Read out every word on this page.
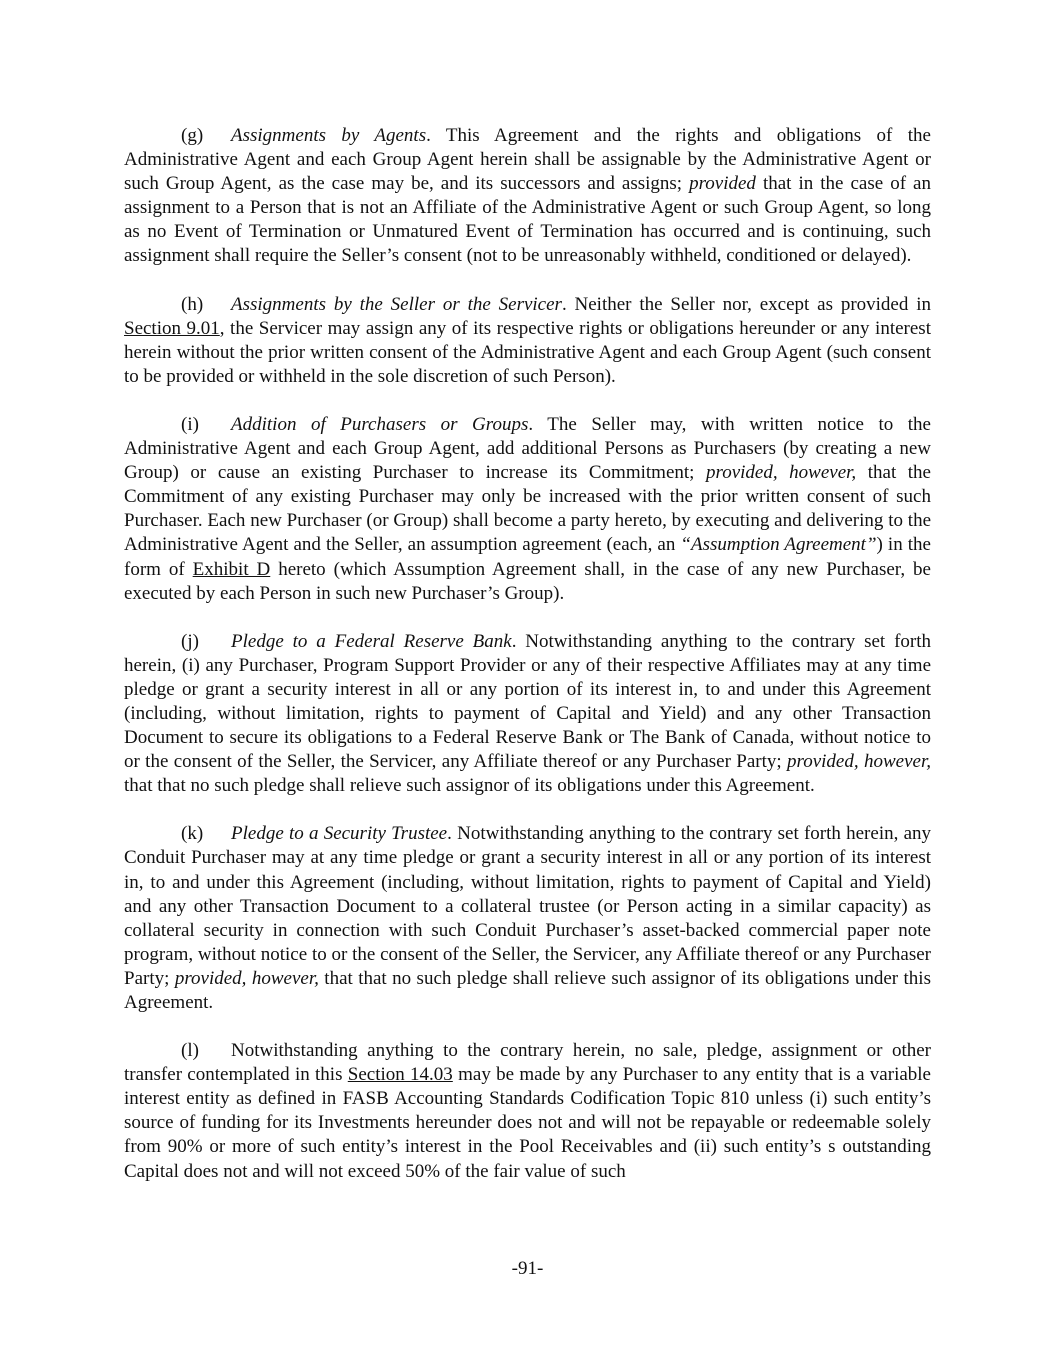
(g) Assignments by Agents. This Agreement and the rights and obligations of the Administrative Agent and each Group Agent herein shall be assignable by the Administrative Agent or such Group Agent, as the case may be, and its successors and assigns; provided that in the case of an assignment to a Person that is not an Affiliate of the Administrative Agent or such Group Agent, so long as no Event of Termination or Unmatured Event of Termination has occurred and is continuing, such assignment shall require the Seller’s consent (not to be unreasonably withheld, conditioned or delayed).

(h) Assignments by the Seller or the Servicer. Neither the Seller nor, except as provided in Section 9.01, the Servicer may assign any of its respective rights or obligations hereunder or any interest herein without the prior written consent of the Administrative Agent and each Group Agent (such consent to be provided or withheld in the sole discretion of such Person).

(i) Addition of Purchasers or Groups. The Seller may, with written notice to the Administrative Agent and each Group Agent, add additional Persons as Purchasers (by creating a new Group) or cause an existing Purchaser to increase its Commitment; provided, however, that the Commitment of any existing Purchaser may only be increased with the prior written consent of such Purchaser. Each new Purchaser (or Group) shall become a party hereto, by executing and delivering to the Administrative Agent and the Seller, an assumption agreement (each, an “Assumption Agreement”) in the form of Exhibit D hereto (which Assumption Agreement shall, in the case of any new Purchaser, be executed by each Person in such new Purchaser’s Group).

(j) Pledge to a Federal Reserve Bank. Notwithstanding anything to the contrary set forth herein, (i) any Purchaser, Program Support Provider or any of their respective Affiliates may at any time pledge or grant a security interest in all or any portion of its interest in, to and under this Agreement (including, without limitation, rights to payment of Capital and Yield) and any other Transaction Document to secure its obligations to a Federal Reserve Bank or The Bank of Canada, without notice to or the consent of the Seller, the Servicer, any Affiliate thereof or any Purchaser Party; provided, however, that that no such pledge shall relieve such assignor of its obligations under this Agreement.

(k) Pledge to a Security Trustee. Notwithstanding anything to the contrary set forth herein, any Conduit Purchaser may at any time pledge or grant a security interest in all or any portion of its interest in, to and under this Agreement (including, without limitation, rights to payment of Capital and Yield) and any other Transaction Document to a collateral trustee (or Person acting in a similar capacity) as collateral security in connection with such Conduit Purchaser’s asset-backed commercial paper note program, without notice to or the consent of the Seller, the Servicer, any Affiliate thereof or any Purchaser Party; provided, however, that that no such pledge shall relieve such assignor of its obligations under this Agreement.

(l) Notwithstanding anything to the contrary herein, no sale, pledge, assignment or other transfer contemplated in this Section 14.03 may be made by any Purchaser to any entity that is a variable interest entity as defined in FASB Accounting Standards Codification Topic 810 unless (i) such entity’s source of funding for its Investments hereunder does not and will not be repayable or redeemable solely from 90% or more of such entity’s interest in the Pool Receivables and (ii) such entity’s s outstanding Capital does not and will not exceed 50% of the fair value of such

-91-
